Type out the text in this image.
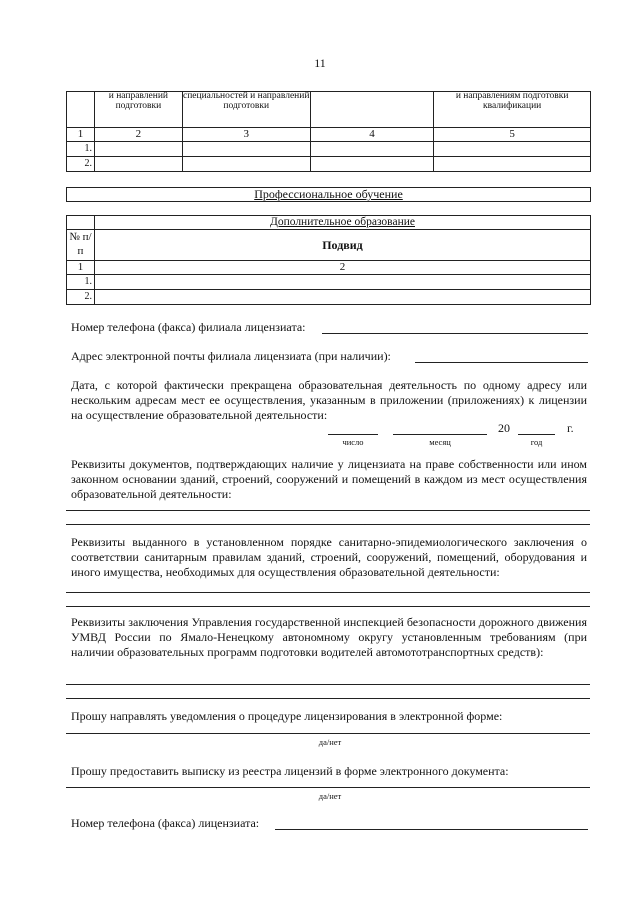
11
	и направлений подготовки	специальностей и направлений подготовки		и направлениям подготовки квалификации
1	2	3	4	5
1.				
2.				
Профессиональное обучение
	Дополнительное образование
№ п/п	Подвид
1	2
1.	
2.	
Номер телефона (факса) филиала лицензиата:
Адрес электронной почты филиала лицензиата (при наличии):
Дата, с которой фактически прекращена образовательная деятельность по одному адресу или нескольким адресам мест ее осуществления, указанным в приложении (приложениях) к лицензии на осуществление образовательной деятельности:
20	г.
число	месяц	год
Реквизиты документов, подтверждающих наличие у лицензиата на праве собственности или ином законном основании зданий, строений, сооружений и помещений в каждом из мест осуществления образовательной деятельности:
Реквизиты выданного в установленном порядке санитарно-эпидемиологического заключения о соответствии санитарным правилам зданий, строений, сооружений, помещений, оборудования и иного имущества, необходимых для осуществления образовательной деятельности:
Реквизиты заключения Управления государственной инспекцией безопасности дорожного движения УМВД России по Ямало-Ненецкому автономному округу установленным требованиям (при наличии образовательных программ подготовки водителей автомототранспортных средств):
Прошу направлять уведомления о процедуре лицензирования в электронной форме:
да/нет
Прошу предоставить выписку из реестра лицензий в форме электронного документа:
да/нет
Номер телефона (факса) лицензиата:
